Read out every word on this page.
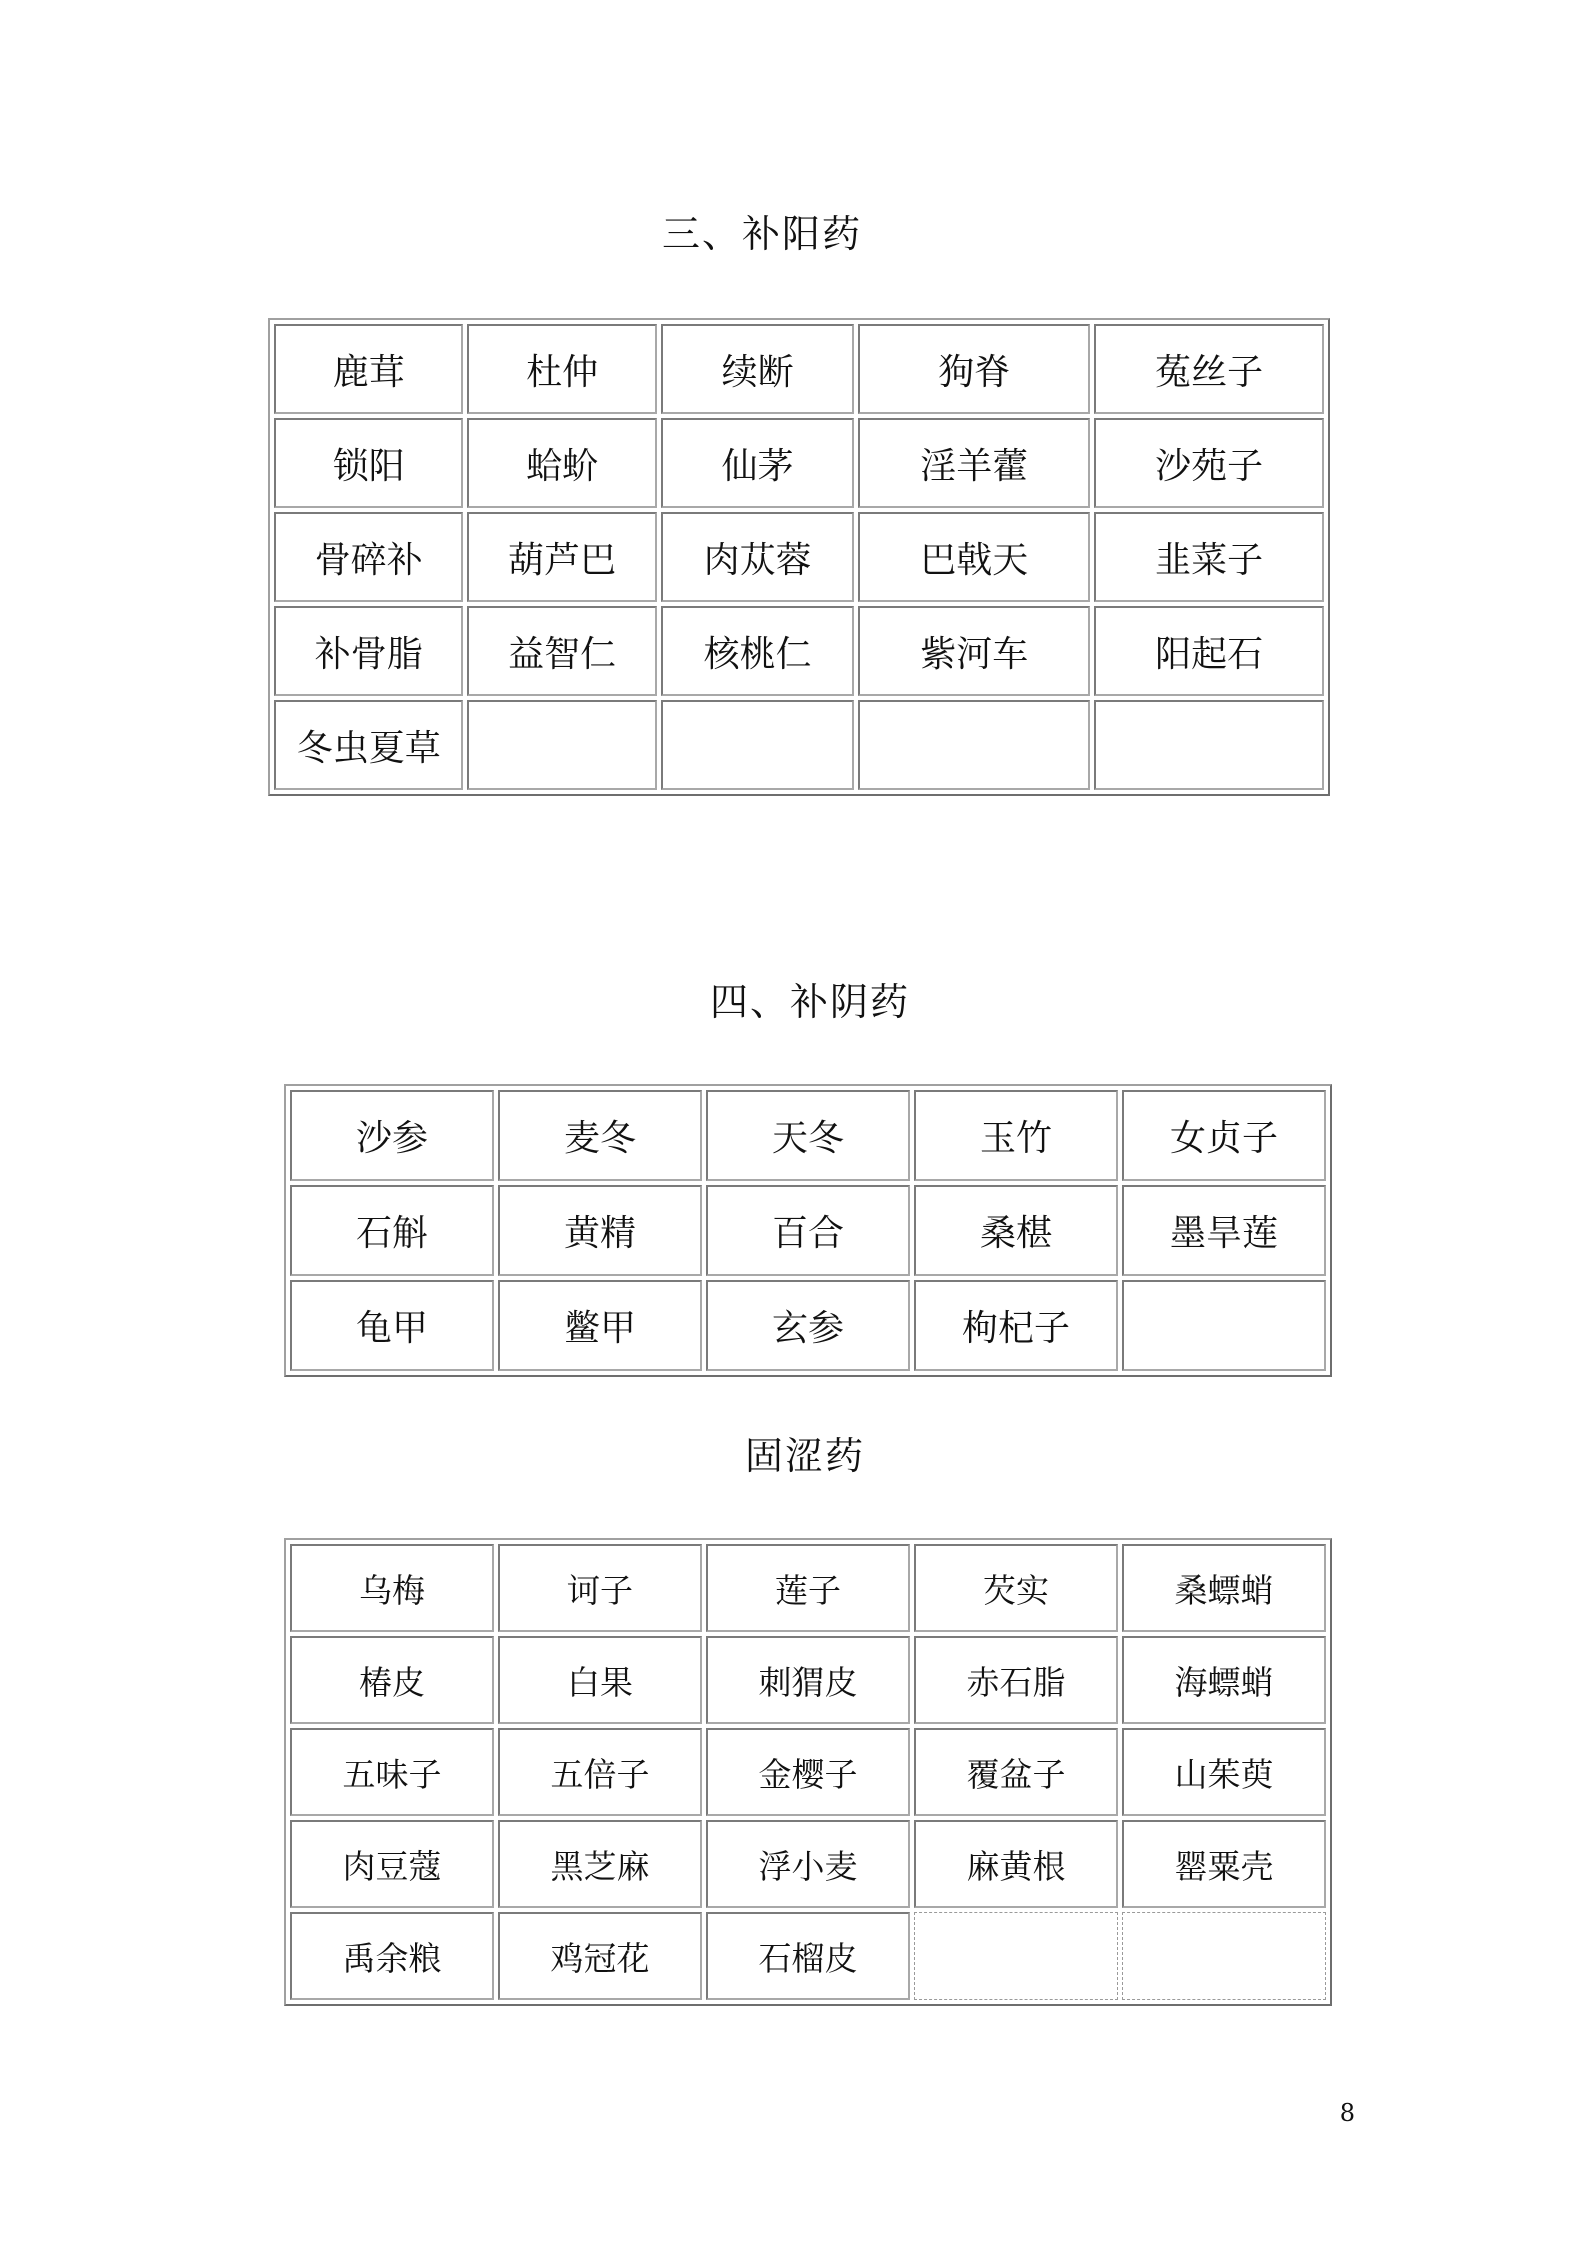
三、补阳药
鹿茸	杜仲	续断	狗脊	菟丝子
锁阳	蛤蚧	仙茅	淫羊藿	沙苑子
骨碎补	葫芦巴	肉苁蓉	巴戟天	韭菜子
补骨脂	益智仁	核桃仁	紫河车	阳起石
冬虫夏草				
四、补阴药
沙参	麦冬	天冬	玉竹	女贞子
石斛	黄精	百合	桑椹	墨旱莲
龟甲	鳖甲	玄参	枸杞子	
固涩药
乌梅	诃子	莲子	芡实	桑螵蛸
椿皮	白果	刺猬皮	赤石脂	海螵蛸
五味子	五倍子	金樱子	覆盆子	山茱萸
肉豆蔻	黑芝麻	浮小麦	麻黄根	罂粟壳
禹余粮	鸡冠花	石榴皮		
8
